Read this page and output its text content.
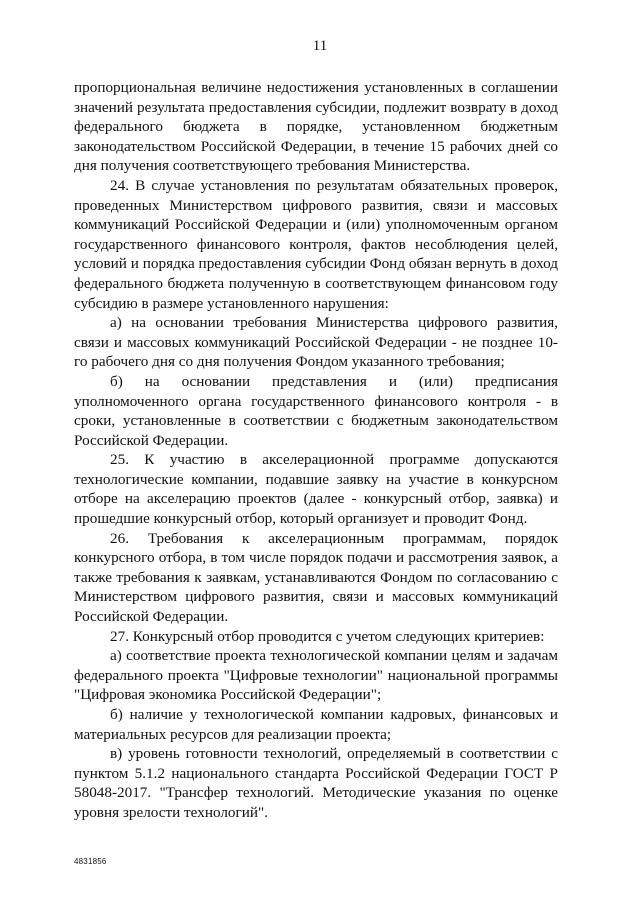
11

пропорциональная величине недостижения установленных в соглашении значений результата предоставления субсидии, подлежит возврату в доход федерального бюджета в порядке, установленном бюджетным законодательством Российской Федерации, в течение 15 рабочих дней со дня получения соответствующего требования Министерства.

24. В случае установления по результатам обязательных проверок, проведенных Министерством цифрового развития, связи и массовых коммуникаций Российской Федерации и (или) уполномоченным органом государственного финансового контроля, фактов несоблюдения целей, условий и порядка предоставления субсидии Фонд обязан вернуть в доход федерального бюджета полученную в соответствующем финансовом году субсидию в размере установленного нарушения:

а) на основании требования Министерства цифрового развития, связи и массовых коммуникаций Российской Федерации - не позднее 10-го рабочего дня со дня получения Фондом указанного требования;

б) на основании представления и (или) предписания уполномоченного органа государственного финансового контроля - в сроки, установленные в соответствии с бюджетным законодательством Российской Федерации.

25. К участию в акселерационной программе допускаются технологические компании, подавшие заявку на участие в конкурсном отборе на акселерацию проектов (далее - конкурсный отбор, заявка) и прошедшие конкурсный отбор, который организует и проводит Фонд.

26. Требования к акселерационным программам, порядок конкурсного отбора, в том числе порядок подачи и рассмотрения заявок, а также требования к заявкам, устанавливаются Фондом по согласованию с Министерством цифрового развития, связи и массовых коммуникаций Российской Федерации.

27. Конкурсный отбор проводится с учетом следующих критериев:

а) соответствие проекта технологической компании целям и задачам федерального проекта "Цифровые технологии" национальной программы "Цифровая экономика Российской Федерации";

б) наличие у технологической компании кадровых, финансовых и материальных ресурсов для реализации проекта;

в) уровень готовности технологий, определяемый в соответствии с пунктом 5.1.2 национального стандарта Российской Федерации ГОСТ Р 58048-2017. "Трансфер технологий. Методические указания по оценке уровня зрелости технологий".

4831856
